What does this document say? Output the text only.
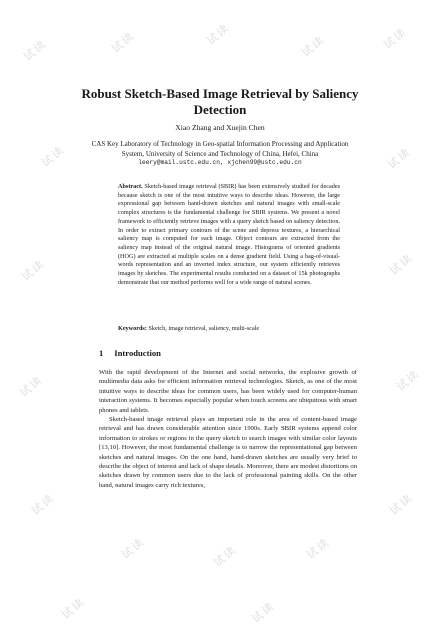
试读	试读	试读	试读	试读
试读	试读
试读	试读
试读	试读
试读
试读	试读	试读
试读
试读	试读
Robust Sketch-Based Image Retrieval by Saliency Detection
Xiao Zhang and Xuejin Chen
CAS Key Laboratory of Technology in Geo-spatial Information Processing and Application System, University of Science and Technology of China, Hefei, China
leery@mail.ustc.edu.cn, xjchen99@ustc.edu.cn

Abstract. Sketch-based image retrieval (SBIR) has been extensively studied for decades because sketch is one of the most intuitive ways to describe ideas. However, the large expressional gap between hand-drawn sketches and natural images with small-scale complex structures is the fundamental challenge for SBIR systems. We present a novel framework to efficiently retrieve images with a query sketch based on saliency detection. In order to extract primary contours of the scene and depress textures, a hierarchical saliency map is computed for each image. Object contours are extracted from the saliency map instead of the original natural image. Histograms of oriented gradients (HOG) are extracted at multiple scales on a dense gradient field. Using a bag-of-visual-words representation and an inverted index structure, our system efficiently retrieves images by sketches. The experimental results conducted on a dataset of 15k photographs demonstrate that our method performs well for a wide range of natural scenes.

Keywords: Sketch, image retrieval, saliency, multi-scale

1 Introduction

With the rapid development of the Internet and social networks, the explosive growth of multimedia data asks for efficient information retrieval technologies. Sketch, as one of the most intuitive ways to describe ideas for common users, has been widely used for computer-human interaction systems. It becomes especially popular when touch screens are ubiquitous with smart phones and tablets.

Sketch-based image retrieval plays an important role in the area of content-based image retrieval and has drawn considerable attention since 1990s. Early SBIR systems append color information to strokes or regions in the query sketch to search images with similar color layouts [13,10]. However, the most fundamental challenge is to narrow the representational gap between sketches and natural images. On the one hand, hand-drawn sketches are usually very brief to describe the object of interest and lack of shape details. Moreover, there are modest distortions on sketches drawn by common users due to the lack of professional painting skills. On the other hand, natural images carry rich textures,
